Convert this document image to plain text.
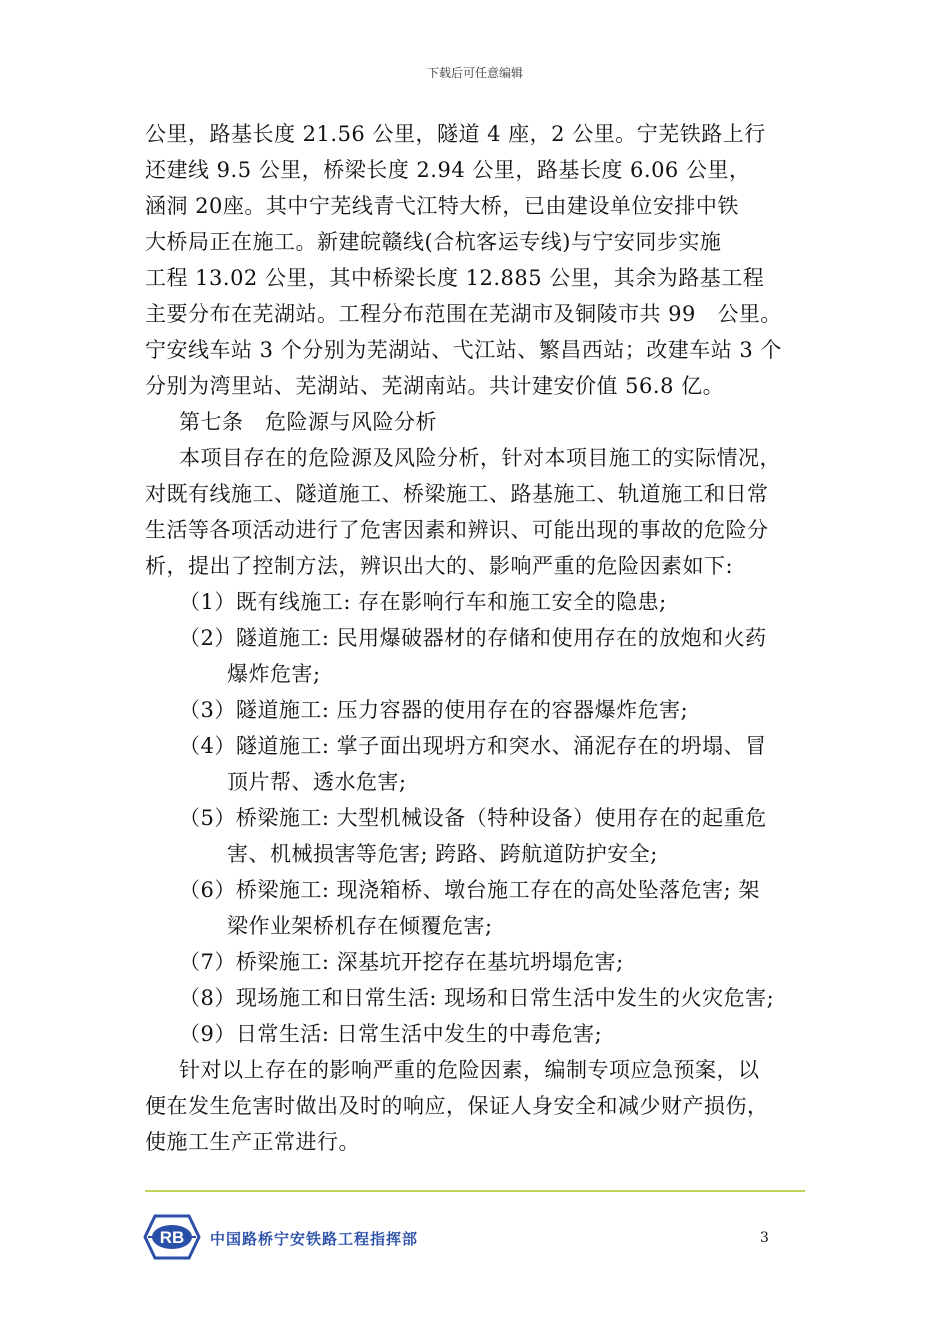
下载后可任意编辑
公里，路基长度 21.56 公里，隧道 4 座，2 公里。宁芜铁路上行
还建线 9.5 公里，桥梁长度 2.94 公里，路基长度 6.06 公里，
涵洞 20座。其中宁芜线青弋江特大桥，已由建设单位安排中铁
大桥局正在施工。新建皖赣线(合杭客运专线)与宁安同步实施
工程 13.02 公里，其中桥梁长度 12.885 公里，其余为路基工程
主要分布在芜湖站。工程分布范围在芜湖市及铜陵市共 99　公里。
宁安线车站 3 个分别为芜湖站、弋江站、繁昌西站；改建车站 3 个
分别为湾里站、芜湖站、芜湖南站。共计建安价值 56.8 亿。
第七条　危险源与风险分析
本项目存在的危险源及风险分析，针对本项目施工的实际情况，
对既有线施工、隧道施工、桥梁施工、路基施工、轨道施工和日常
生活等各项活动进行了危害因素和辨识、可能出现的事故的危险分
析，提出了控制方法，辨识出大的、影响严重的危险因素如下:
（1）既有线施工: 存在影响行车和施工安全的隐患;
（2）隧道施工: 民用爆破器材的存储和使用存在的放炮和火药
爆炸危害;
（3）隧道施工: 压力容器的使用存在的容器爆炸危害;
（4）隧道施工: 掌子面出现坍方和突水、涌泥存在的坍塌、冒
顶片帮、透水危害;
（5）桥梁施工: 大型机械设备（特种设备）使用存在的起重危
害、机械损害等危害; 跨路、跨航道防护安全;
（6）桥梁施工: 现浇箱桥、墩台施工存在的高处坠落危害; 架
梁作业架桥机存在倾覆危害;
（7）桥梁施工: 深基坑开挖存在基坑坍塌危害;
（8）现场施工和日常生活: 现场和日常生活中发生的火灾危害;
（9）日常生活: 日常生活中发生的中毒危害;
针对以上存在的影响严重的危险因素，编制专项应急预案，以
便在发生危害时做出及时的响应，保证人身安全和减少财产损伤，
使施工生产正常进行。
RB 中国路桥宁安铁路工程指挥部	3
